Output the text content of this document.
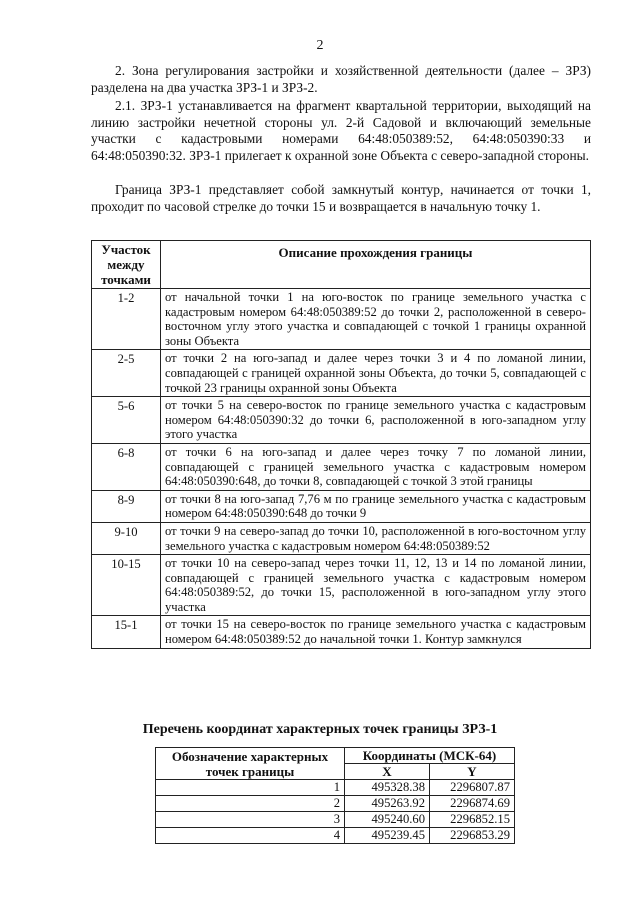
2

2. Зона регулирования застройки и хозяйственной деятельности (далее – ЗРЗ) разделена на два участка ЗРЗ-1 и ЗРЗ-2.

2.1. ЗРЗ-1 устанавливается на фрагмент квартальной территории, выходящий на линию застройки нечетной стороны ул. 2-й Садовой и включающий земельные участки с кадастровыми номерами 64:48:050389:52, 64:48:050390:33 и 64:48:050390:32. ЗРЗ-1 прилегает к охранной зоне Объекта с северо-западной стороны.

Граница ЗРЗ-1 представляет собой замкнутый контур, начинается от точки 1, проходит по часовой стрелке до точки 15 и возвращается в начальную точку 1.

Участок между точками	Описание прохождения границы
1-2	от начальной точки 1 на юго-восток по границе земельного участка с кадастровым номером 64:48:050389:52 до точки 2, расположенной в северо-восточном углу этого участка и совпадающей с точкой 1 границы охранной зоны Объекта
2-5	от точки 2 на юго-запад и далее через точки 3 и 4 по ломаной линии, совпадающей с границей охранной зоны Объекта, до точки 5, совпадающей с точкой 23 границы охранной зоны Объекта
5-6	от точки 5 на северо-восток по границе земельного участка с кадастровым номером 64:48:050390:32 до точки 6, расположенной в юго-западном углу этого участка
6-8	от точки 6 на юго-запад и далее через точку 7 по ломаной линии, совпадающей с границей земельного участка с кадастровым номером 64:48:050390:648, до точки 8, совпадающей с точкой 3 этой границы
8-9	от точки 8 на юго-запад 7,76 м по границе земельного участка с кадастровым номером 64:48:050390:648 до точки 9
9-10	от точки 9 на северо-запад до точки 10, расположенной в юго-восточном углу земельного участка с кадастровым номером 64:48:050389:52
10-15	от точки 10 на северо-запад через точки 11, 12, 13 и 14 по ломаной линии, совпадающей с границей земельного участка с кадастровым номером 64:48:050389:52, до точки 15, расположенной в юго-западном углу этого участка
15-1	от точки 15 на северо-восток по границе земельного участка с кадастровым номером 64:48:050389:52 до начальной точки 1. Контур замкнулся
Перечень координат характерных точек границы ЗРЗ-1
Обозначение характерных точек границы	Координаты (МСК-64)	
	X	Y
1	495328.38	2296807.87
2	495263.92	2296874.69
3	495240.60	2296852.15
4	495239.45	2296853.29
